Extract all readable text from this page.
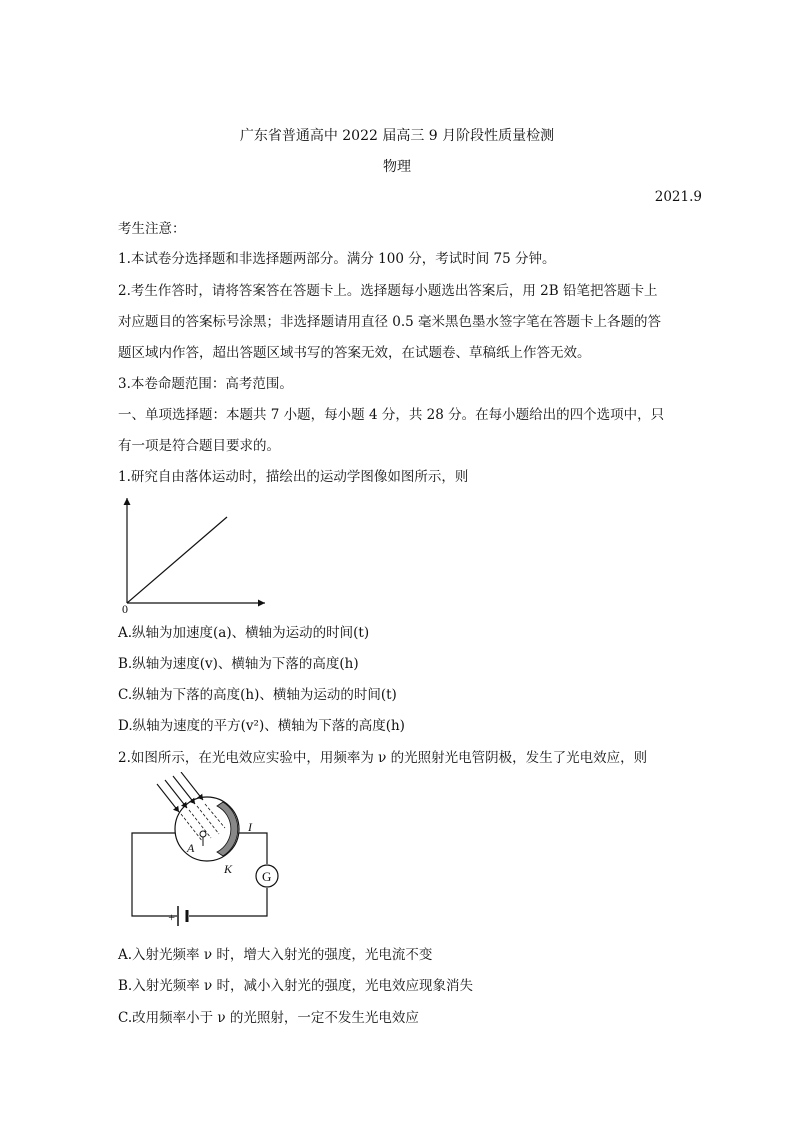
广东省普通高中 2022 届高三 9 月阶段性质量检测
物理
2021.9
考生注意：
1.本试卷分选择题和非选择题两部分。满分 100 分，考试时间 75 分钟。
2.考生作答时，请将答案答在答题卡上。选择题每小题选出答案后，用 2B 铅笔把答题卡上
对应题目的答案标号涂黑；非选择题请用直径 0.5 毫米黑色墨水签字笔在答题卡上各题的答
题区域内作答，超出答题区域书写的答案无效，在试题卷、草稿纸上作答无效。
3.本卷命题范围：高考范围。
一、单项选择题：本题共 7 小题，每小题 4 分，共 28 分。在每小题给出的四个选项中，只
有一项是符合题目要求的。
1.研究自由落体运动时，描绘出的运动学图像如图所示，则
0
A.纵轴为加速度(a)、横轴为运动的时间(t)
B.纵轴为速度(v)、横轴为下落的高度(h)
C.纵轴为下落的高度(h)、横轴为运动的时间(t)
D.纵轴为速度的平方(v²)、横轴为下落的高度(h)
2.如图所示，在光电效应实验中，用频率为 ν 的光照射光电管阴极，发生了光电效应，则
A
K
I
G
+ −
A.入射光频率 ν 时，增大入射光的强度，光电流不变
B.入射光频率 ν 时，减小入射光的强度，光电效应现象消失
C.改用频率小于 ν 的光照射，一定不发生光电效应
